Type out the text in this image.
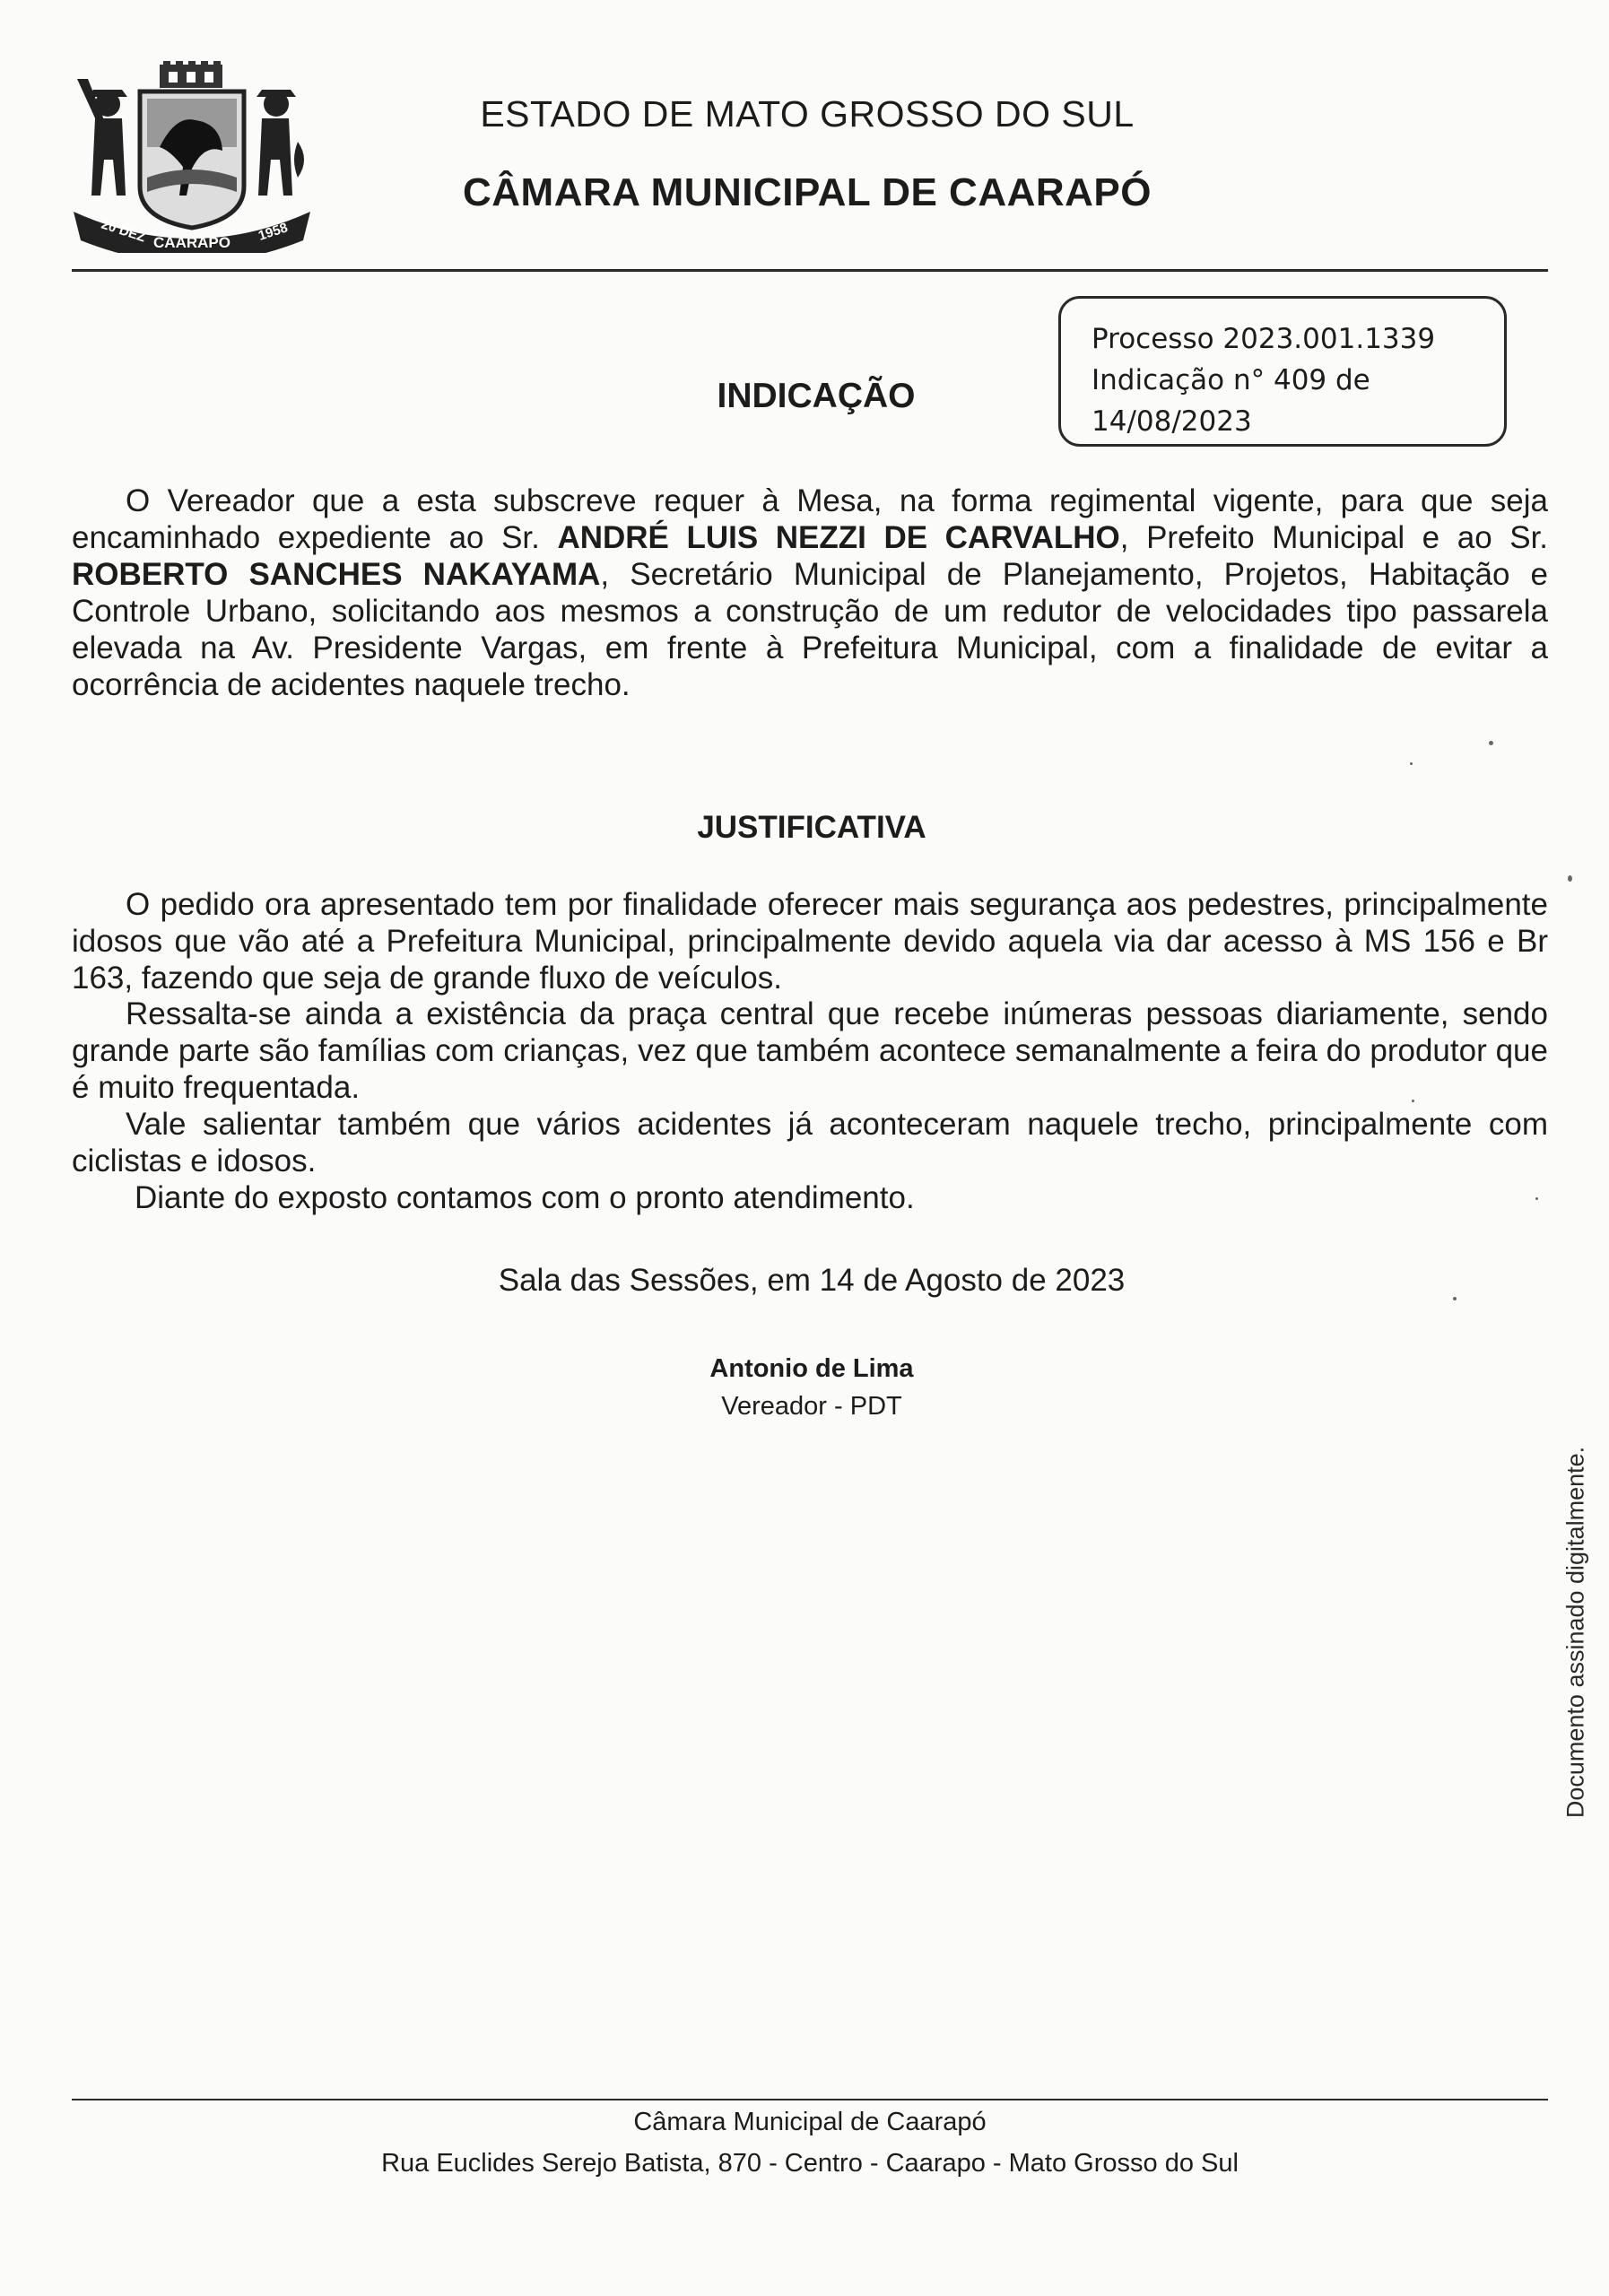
20 DEZ CAARAPÓ 1958
ESTADO DE MATO GROSSO DO SUL
CÂMARA MUNICIPAL DE CAARAPÓ
Processo 2023.001.1339
Indicação n° 409 de
14/08/2023
INDICAÇÃO
O Vereador que a esta subscreve requer à Mesa, na forma regimental vigente, para que seja encaminhado expediente ao Sr. ANDRÉ LUIS NEZZI DE CARVALHO, Prefeito Municipal e ao Sr. ROBERTO SANCHES NAKAYAMA, Secretário Municipal de Planejamento, Projetos, Habitação e Controle Urbano, solicitando aos mesmos a construção de um redutor de velocidades tipo passarela elevada na Av. Presidente Vargas, em frente à Prefeitura Municipal, com a finalidade de evitar a ocorrência de acidentes naquele trecho.
JUSTIFICATIVA
O pedido ora apresentado tem por finalidade oferecer mais segurança aos pedestres, principalmente idosos que vão até a Prefeitura Municipal, principalmente devido aquela via dar acesso à MS 156 e Br 163, fazendo que seja de grande fluxo de veículos.
Ressalta-se ainda a existência da praça central que recebe inúmeras pessoas diariamente, sendo grande parte são famílias com crianças, vez que também acontece semanalmente a feira do produtor que é muito frequentada.
Vale salientar também que vários acidentes já aconteceram naquele trecho, principalmente com ciclistas e idosos.
Diante do exposto contamos com o pronto atendimento.
Sala das Sessões, em 14 de Agosto de 2023
Antonio de Lima
Vereador - PDT
Documento assinado digitalmente.
Câmara Municipal de Caarapó
Rua Euclides Serejo Batista, 870 - Centro - Caarapo - Mato Grosso do Sul
